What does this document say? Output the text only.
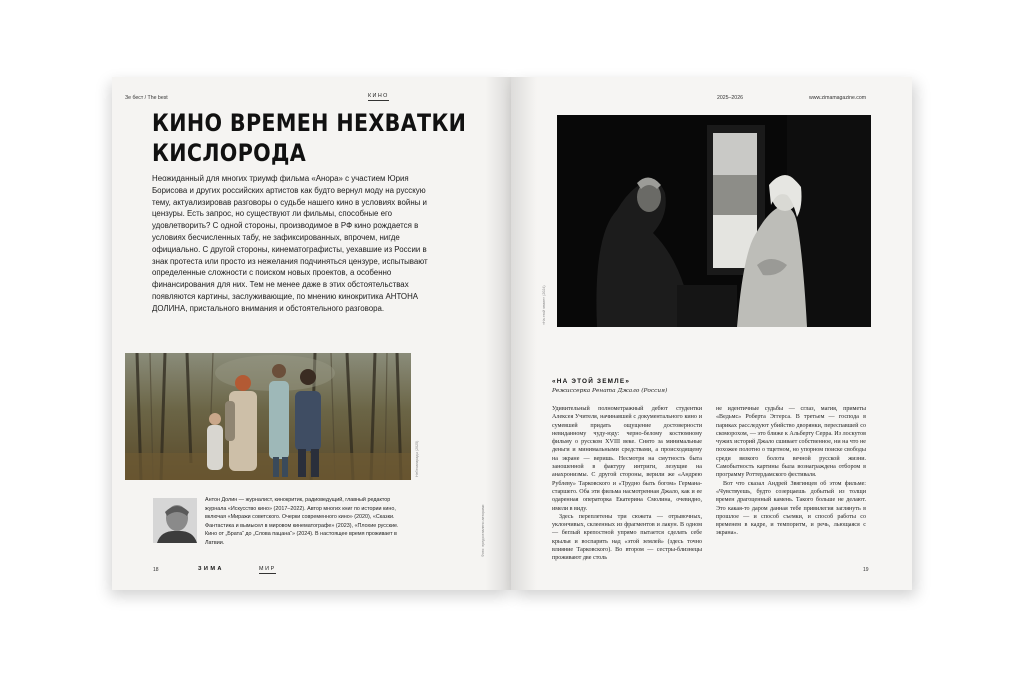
Зе бест / The best	КИНО
КИНО ВРЕМЕН НЕХВАТКИ
КИСЛОРОДА

Неожиданный для многих триумф фильма «Анора» с участием Юрия Борисова и других российских артистов как будто вернул моду на русскую тему, актуализировав разговоры о судьбе нашего кино в условиях войны и цензуры. Есть запрос, но существуют ли фильмы, способные его удовлетворить? С одной стороны, производимое в РФ кино рождается в условиях бесчисленных табу, не зафиксированных, впрочем, нигде официально. С другой стороны, кинематографисты, уехавшие из России в знак протеста или просто из нежелания подчиняться цензуре, испытывают определенные сложности с поиском новых проектов, а особенно финансирования для них. Тем не менее даже в этих обстоятельствах появляются картины, заслуживающие, по мнению кинокритика АНТОНА ДОЛИНА, пристального внимания и обстоятельного разговора.

Небесапарады (2025)
Фото: предоставлено авторами

Антон Долин — журналист, кинокритик, радиоведущий, главный редактор журнала «Искусство кино» (2017–2022). Автор многих книг по истории кино, включая «Миражи советского. Очерки современного кино» (2020), «Сказки. Фантастика и вымысел в мировом кинематографе» (2023), «Плохие русские. Кино от „Брата“ до „Слова пацана“» (2024). В настоящее время проживает в Латвии.

18	ЗИМА	МИР
2025–2026	www.zimamagazine.com
«На этой земле» (2024)
«НА ЭТОЙ ЗЕМЛЕ»
Режиссерка Рената Джало (Россия)

Удивительный полнометражный дебют студентки Алексея Учителя, начинавшей с документального кино и сумевшей придать ощущение достоверности невиданному чуду-юду: черно-белому костюмному фильму о русском XVIII веке. Снято за минимальные деньги и минимальными средствами, а происходящему на экране — веришь. Несмотря на смутность быта заношенной в фактуру интриги, лезущие на анахронизмы. С другой стороны, верили же «Андрею Рублеву» Тарковского и «Трудно быть богом» Германа-старшего. Оба эти фильма насмотренная Джало, как и ее одаренная операторка Екатерина Смолина, очевидно, имели в виду.

Здесь переплетены три сюжета — отрывочных, уклончивых, склеенных из фрагментов и лакун. В одном — беглый крепостной упрямо пытается сделать себе крылья и воспарить над «этой землей» (здесь точно влияние Тарковского). Во втором — сестры-близнецы проживают две столь

не идентичные судьбы — сглаз, магия, приметы «Ведьмс» Роберта Эггерса. В третьем — господа в париках расследуют убийство дворянки, переспавшей со скоморохом, — это ближе к Альберту Серра. Из лоскутов чужих историй Джало сшивает собственное, ни на что не похожее полотно о тщетном, но упорном поиске свободы среди вязкого болота вечной русской жизни. Самобытность картины была вознаграждена отбором в программу Роттердамского фестиваля.

Вот что сказал Андрей Звягинцев об этом фильме: «Чувствуешь, будто созерцаешь добытый из толщи времен драгоценный камень. Такого больше не делают. Это какая-то дарoм данная тебе привилегия заглянуть в прошлое — и способ съемки, и способ работы со временем в кадре, и темпоритм, и речь, льющаяся с экрана».

19
